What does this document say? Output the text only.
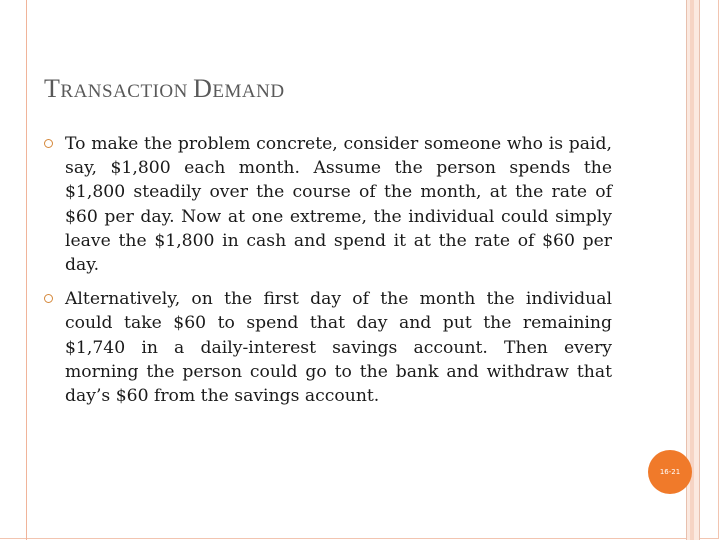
TRANSACTION DEMAND
To make the problem concrete, consider someone who is paid, say, $1,800 each month. Assume the person spends the $1,800 steadily over the course of the month, at the rate of $60 per day. Now at one extreme, the individual could simply leave the $1,800 in cash and spend it at the rate of $60 per day.
Alternatively, on the first day of the month the individual could take $60 to spend that day and put the remaining $1,740 in a daily-interest savings account. Then every morning the person could go to the bank and withdraw that day’s $60 from the savings account.
16-21
